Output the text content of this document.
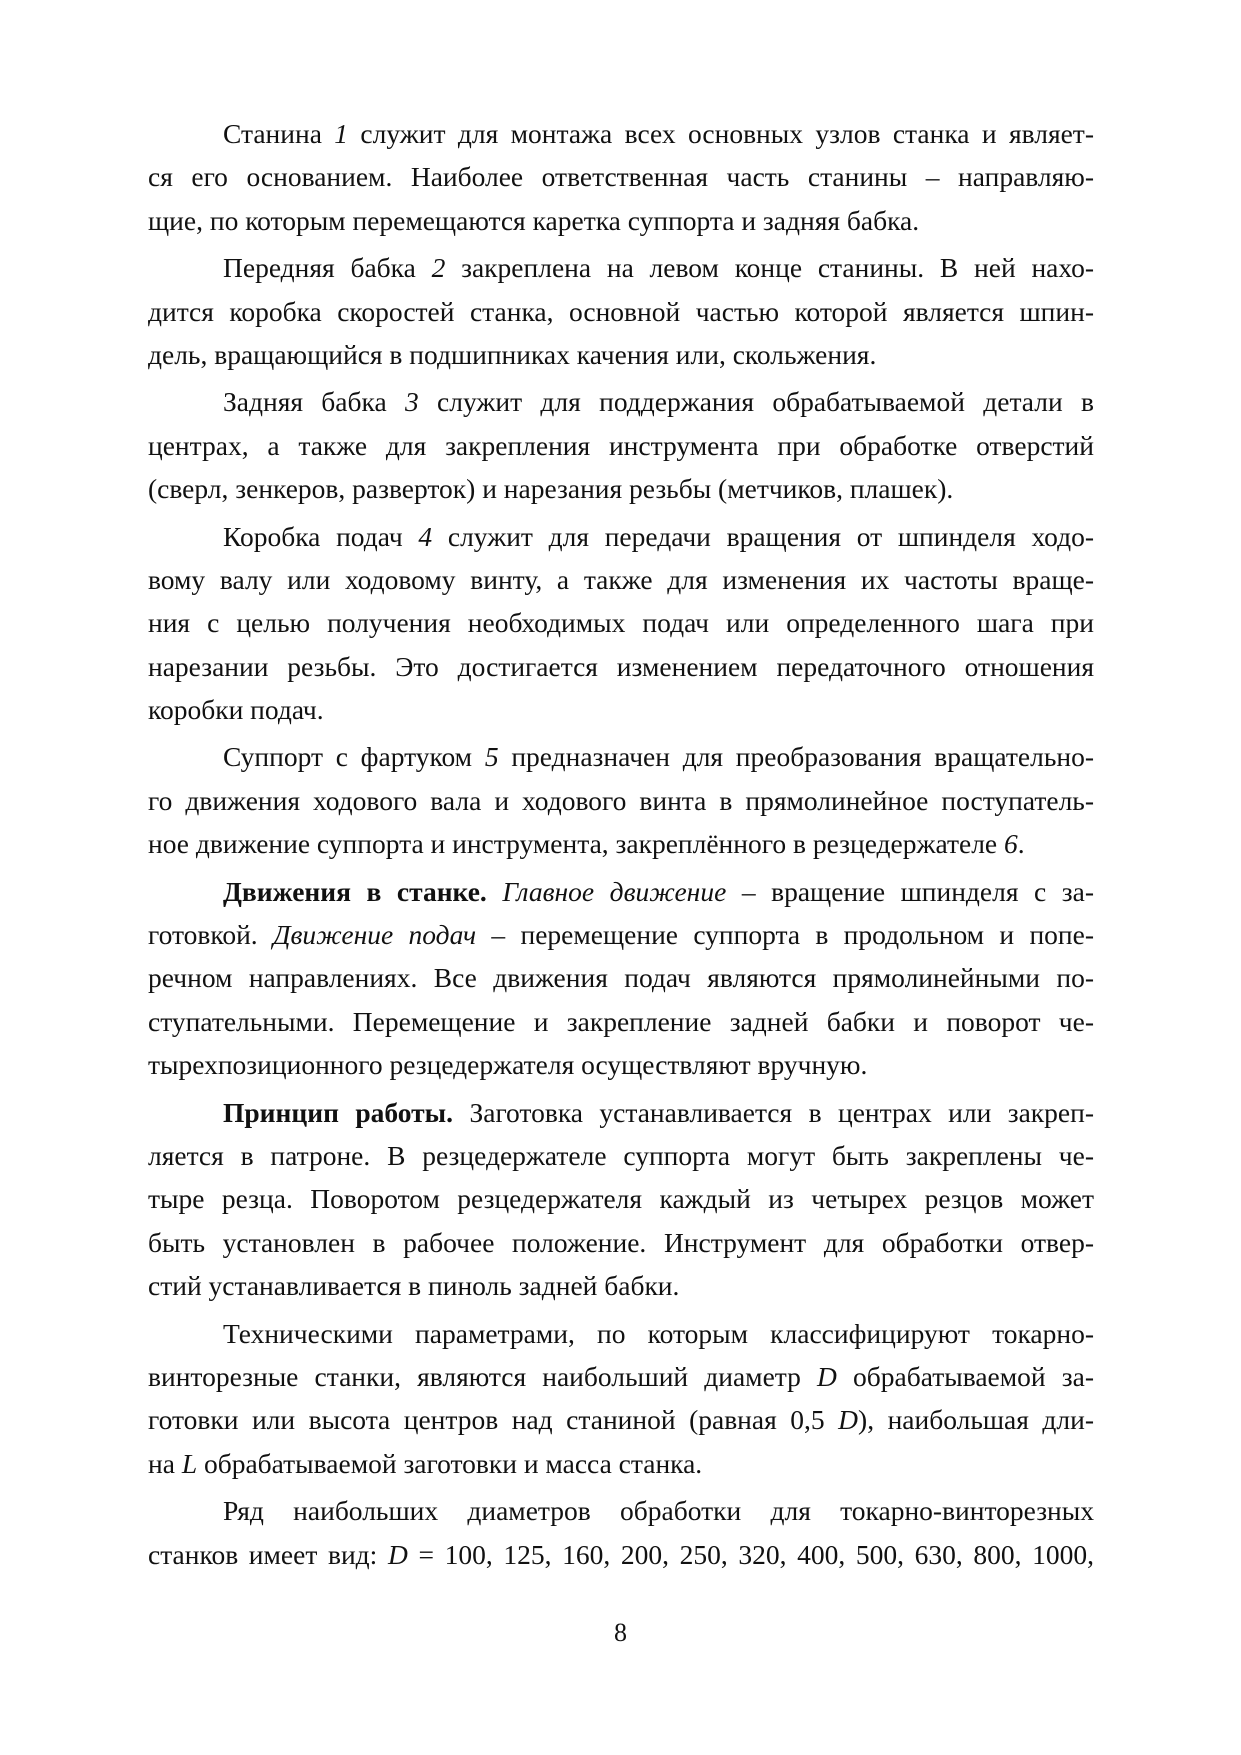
Станина 1 служит для монтажа всех основных узлов станка и являет-
ся его основанием. Наиболее ответственная часть станины – направляю-
щие, по которым перемещаются каретка суппорта и задняя бабка.
Передняя бабка 2 закреплена на левом конце станины. В ней нахо-
дится коробка скоростей станка, основной частью которой является шпин-
дель, вращающийся в подшипниках качения или, скольжения.
Задняя бабка 3 служит для поддержания обрабатываемой детали в
центрах, а также для закрепления инструмента при обработке отверстий
(сверл, зенкеров, разверток) и нарезания резьбы (метчиков, плашек).
Коробка подач 4 служит для передачи вращения от шпинделя ходо-
вому валу или ходовому винту, а также для изменения их частоты враще-
ния с целью получения необходимых подач или определенного шага при
нарезании резьбы. Это достигается изменением передаточного отношения
коробки подач.
Суппорт с фартуком 5 предназначен для преобразования вращательно-
го движения ходового вала и ходового винта в прямолинейное поступатель-
ное движение суппорта и инструмента, закреплённого в резцедержателе 6.
Движения в станке. Главное движение – вращение шпинделя с за-
готовкой. Движение подач – перемещение суппорта в продольном и попе-
речном направлениях. Все движения подач являются прямолинейными по-
ступательными. Перемещение и закрепление задней бабки и поворот че-
тырехпозиционного резцедержателя осуществляют вручную.
Принцип работы. Заготовка устанавливается в центрах или закреп-
ляется в патроне. В резцедержателе суппорта могут быть закреплены че-
тыре резца. Поворотом резцедержателя каждый из четырех резцов может
быть установлен в рабочее положение. Инструмент для обработки отвер-
стий устанавливается в пиноль задней бабки.
Техническими параметрами, по которым классифицируют токарно-
винторезные станки, являются наибольший диаметр D обрабатываемой за-
готовки или высота центров над станиной (равная 0,5 D), наибольшая дли-
на L обрабатываемой заготовки и масса станка.
Ряд наибольших диаметров обработки для токарно-винторезных
станков имеет вид: D = 100, 125, 160, 200, 250, 320, 400, 500, 630, 800, 1000,
8
